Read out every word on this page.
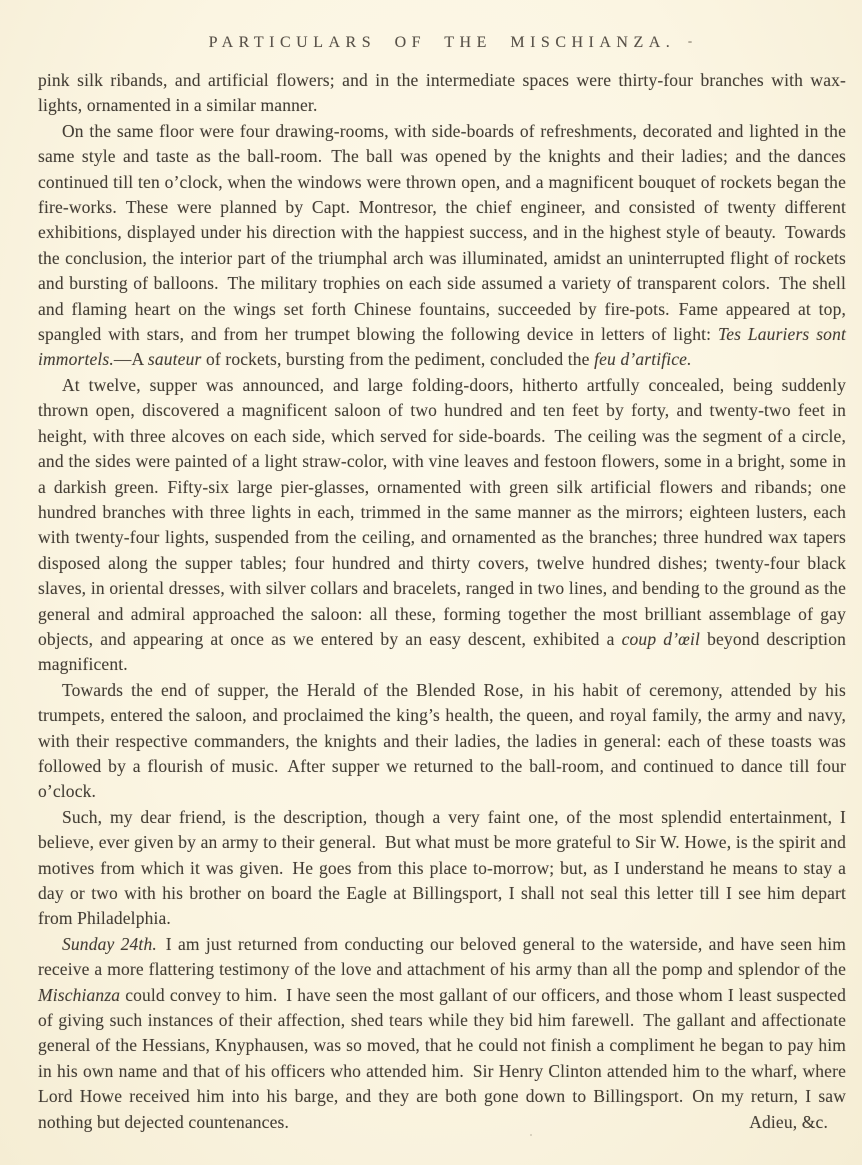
PARTICULARS OF THE MISCHIANZA.

pink silk ribands, and artificial flowers; and in the intermediate spaces were thirty-four branches with wax-lights, ornamented in a similar manner.

On the same floor were four drawing-rooms, with side-boards of refreshments, decorated and lighted in the same style and taste as the ball-room. The ball was opened by the knights and their ladies; and the dances continued till ten o’clock, when the windows were thrown open, and a magnificent bouquet of rockets began the fire-works. These were planned by Capt. Montresor, the chief engineer, and consisted of twenty different exhibitions, displayed under his direction with the happiest success, and in the highest style of beauty. Towards the conclusion, the interior part of the triumphal arch was illuminated, amidst an uninterrupted flight of rockets and bursting of balloons. The military trophies on each side assumed a variety of transparent colors. The shell and flaming heart on the wings set forth Chinese fountains, succeeded by fire-pots. Fame appeared at top, spangled with stars, and from her trumpet blowing the following device in letters of light: Tes Lauriers sont immortels.—A sauteur of rockets, bursting from the pediment, concluded the feu d’artifice.

At twelve, supper was announced, and large folding-doors, hitherto artfully concealed, being suddenly thrown open, discovered a magnificent saloon of two hundred and ten feet by forty, and twenty-two feet in height, with three alcoves on each side, which served for side-boards. The ceiling was the segment of a circle, and the sides were painted of a light straw-color, with vine leaves and festoon flowers, some in a bright, some in a darkish green. Fifty-six large pier-glasses, ornamented with green silk artificial flowers and ribands; one hundred branches with three lights in each, trimmed in the same manner as the mirrors; eighteen lusters, each with twenty-four lights, suspended from the ceiling, and ornamented as the branches; three hundred wax tapers disposed along the supper tables; four hundred and thirty covers, twelve hundred dishes; twenty-four black slaves, in oriental dresses, with silver collars and bracelets, ranged in two lines, and bending to the ground as the general and admiral approached the saloon: all these, forming together the most brilliant assemblage of gay objects, and appearing at once as we entered by an easy descent, exhibited a coup d’œil beyond description magnificent.

Towards the end of supper, the Herald of the Blended Rose, in his habit of ceremony, attended by his trumpets, entered the saloon, and proclaimed the king’s health, the queen, and royal family, the army and navy, with their respective commanders, the knights and their ladies, the ladies in general: each of these toasts was followed by a flourish of music. After supper we returned to the ball-room, and continued to dance till four o’clock.

Such, my dear friend, is the description, though a very faint one, of the most splendid entertainment, I believe, ever given by an army to their general. But what must be more grateful to Sir W. Howe, is the spirit and motives from which it was given. He goes from this place to-morrow; but, as I understand he means to stay a day or two with his brother on board the Eagle at Billingsport, I shall not seal this letter till I see him depart from Philadelphia.

Sunday 24th. I am just returned from conducting our beloved general to the waterside, and have seen him receive a more flattering testimony of the love and attachment of his army than all the pomp and splendor of the Mischianza could convey to him. I have seen the most gallant of our officers, and those whom I least suspected of giving such instances of their affection, shed tears while they bid him farewell. The gallant and affectionate general of the Hessians, Knyphausen, was so moved, that he could not finish a compliment he began to pay him in his own name and that of his officers who attended him. Sir Henry Clinton attended him to the wharf, where Lord Howe received him into his barge, and they are both gone down to Billingsport. On my return, I saw nothing but dejected countenances.	Adieu, &c.
